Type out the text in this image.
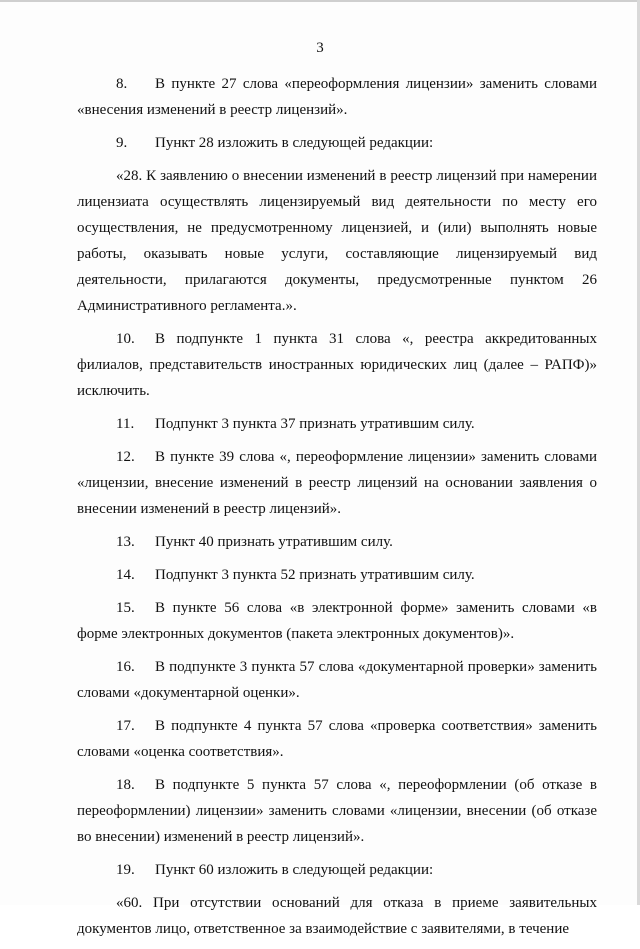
3

8. В пункте 27 слова «переоформления лицензии» заменить словами «внесения изменений в реестр лицензий».

9. Пункт 28 изложить в следующей редакции:

«28. К заявлению о внесении изменений в реестр лицензий при намерении лицензиата осуществлять лицензируемый вид деятельности по месту его осуществления, не предусмотренному лицензией, и (или) выполнять новые работы, оказывать новые услуги, составляющие лицензируемый вид деятельности, прилагаются документы, предусмотренные пунктом 26 Административного регламента.».

10. В подпункте 1 пункта 31 слова «, реестра аккредитованных филиалов, представительств иностранных юридических лиц (далее – РАПФ)» исключить.

11. Подпункт 3 пункта 37 признать утратившим силу.

12. В пункте 39 слова «, переоформление лицензии» заменить словами «лицензии, внесение изменений в реестр лицензий на основании заявления о внесении изменений в реестр лицензий».

13. Пункт 40 признать утратившим силу.

14. Подпункт 3 пункта 52 признать утратившим силу.

15. В пункте 56 слова «в электронной форме» заменить словами «в форме электронных документов (пакета электронных документов)».

16. В подпункте 3 пункта 57 слова «документарной проверки» заменить словами «документарной оценки».

17. В подпункте 4 пункта 57 слова «проверка соответствия» заменить словами «оценка соответствия».

18. В подпункте 5 пункта 57 слова «, переоформлении (об отказе в переоформлении) лицензии» заменить словами «лицензии, внесении (об отказе во внесении) изменений в реестр лицензий».

19. Пункт 60 изложить в следующей редакции:

«60. При отсутствии оснований для отказа в приеме заявительных документов лицо, ответственное за взаимодействие с заявителями, в течение
